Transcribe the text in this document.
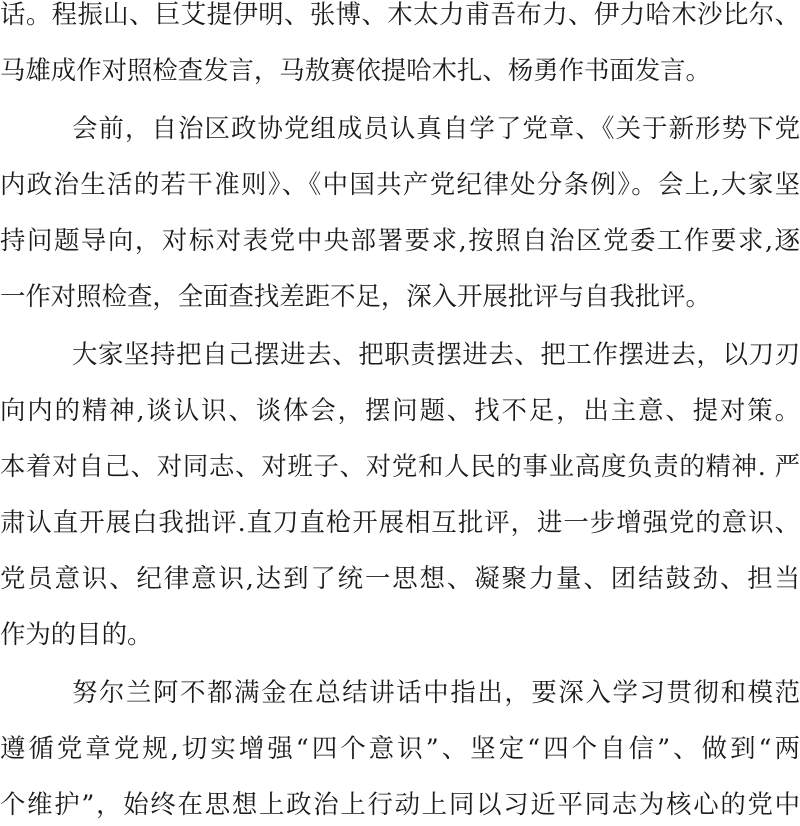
话。程振山、巨艾提伊明、张博、木太力甫吾布力、伊力哈木沙比尔、
马雄成作对照检查发言，马敖赛依提哈木扎、杨勇作书面发言。
会前，自治区政协党组成员认真自学了党章、《关于新形势下党
内政治生活的若干准则》、《中国共产党纪律处分条例》。会上,大家坚
持问题导向，对标对表党中央部署要求,按照自治区党委工作要求,逐
一作对照检查，全面查找差距不足，深入开展批评与自我批评。
大家坚持把自己摆进去、把职责摆进去、把工作摆进去，以刀刃
向内的精神,谈认识、谈体会，摆问题、找不足，出主意、提对策。
本着对自己、对同志、对班子、对党和人民的事业高度负责的精神. 严
肃认直开展白我拙评.直刀直枪开展相互批评，进一步增强党的意识、
党员意识、纪律意识,达到了统一思想、凝聚力量、团结鼓劲、担当
作为的目的。
努尔兰阿不都满金在总结讲话中指出，要深入学习贯彻和模范
遵循党章党规,切实增强“四个意识”、坚定“四个自信”、做到“两
个维护”，始终在思想上政治上行动上同以习近平同志为核心的党中
